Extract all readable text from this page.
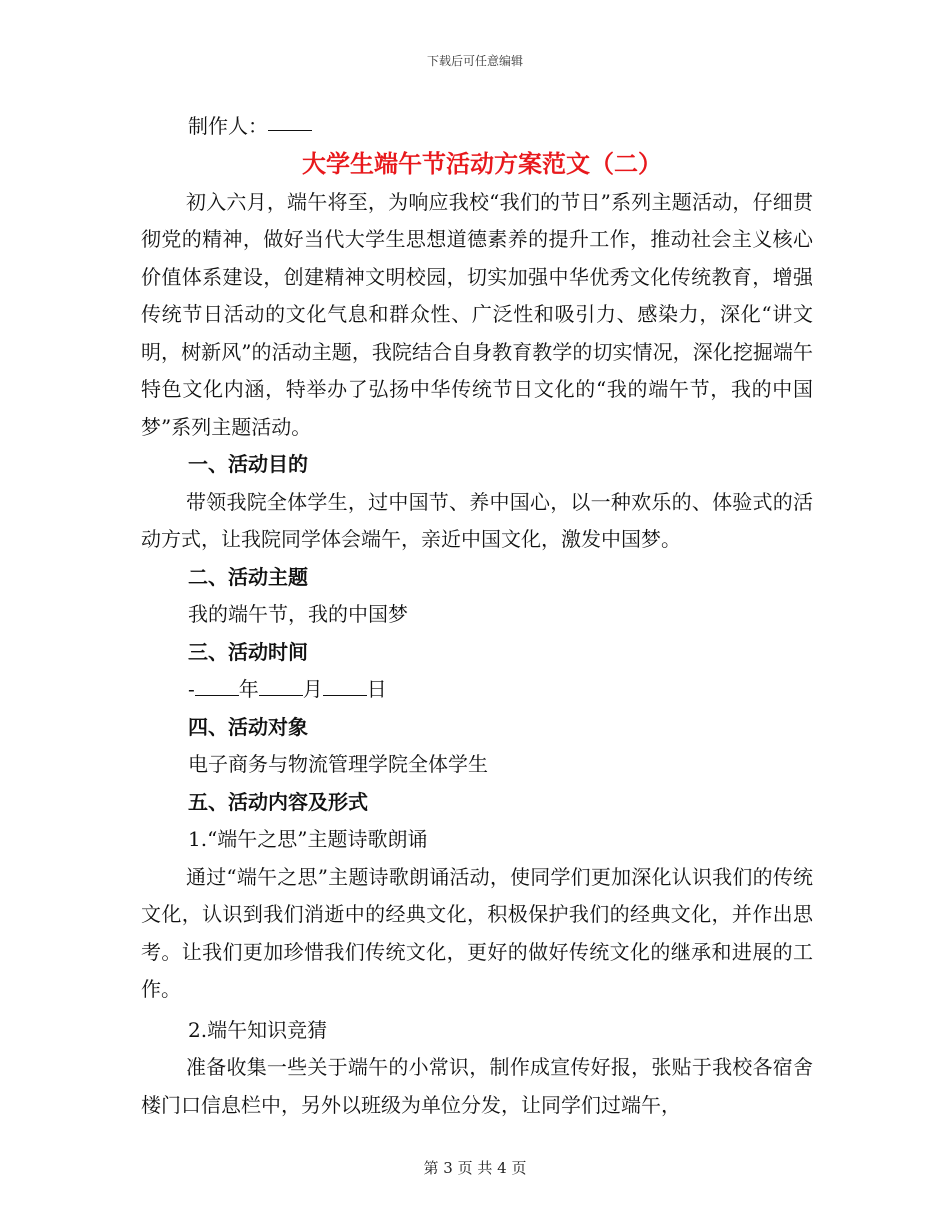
下载后可任意编辑
制作人：
大学生端午节活动方案范文（二）

初入六月，端午将至，为响应我校“我们的节日”系列主题活动，仔细贯彻党的精神，做好当代大学生思想道德素养的提升工作，推动社会主义核心价值体系建设，创建精神文明校园，切实加强中华优秀文化传统教育，增强传统节日活动的文化气息和群众性、广泛性和吸引力、感染力，深化“讲文明，树新风”的活动主题，我院结合自身教育教学的切实情况，深化挖掘端午特色文化内涵，特举办了弘扬中华传统节日文化的“我的端午节，我的中国梦”系列主题活动。

一、活动目的

带领我院全体学生，过中国节、养中国心，以一种欢乐的、体验式的活动方式，让我院同学体会端午，亲近中国文化，激发中国梦。

二、活动主题
我的端午节，我的中国梦
三、活动时间
- 年 月 日
四、活动对象
电子商务与物流管理学院全体学生
五、活动内容及形式
1.“端午之思”主题诗歌朗诵

通过“端午之思”主题诗歌朗诵活动，使同学们更加深化认识我们的传统文化，认识到我们消逝中的经典文化，积极保护我们的经典文化，并作出思考。让我们更加珍惜我们传统文化，更好的做好传统文化的继承和进展的工作。

2.端午知识竞猜

准备收集一些关于端午的小常识，制作成宣传好报，张贴于我校各宿舍楼门口信息栏中，另外以班级为单位分发，让同学们过端午，

第 3 页 共 4 页
